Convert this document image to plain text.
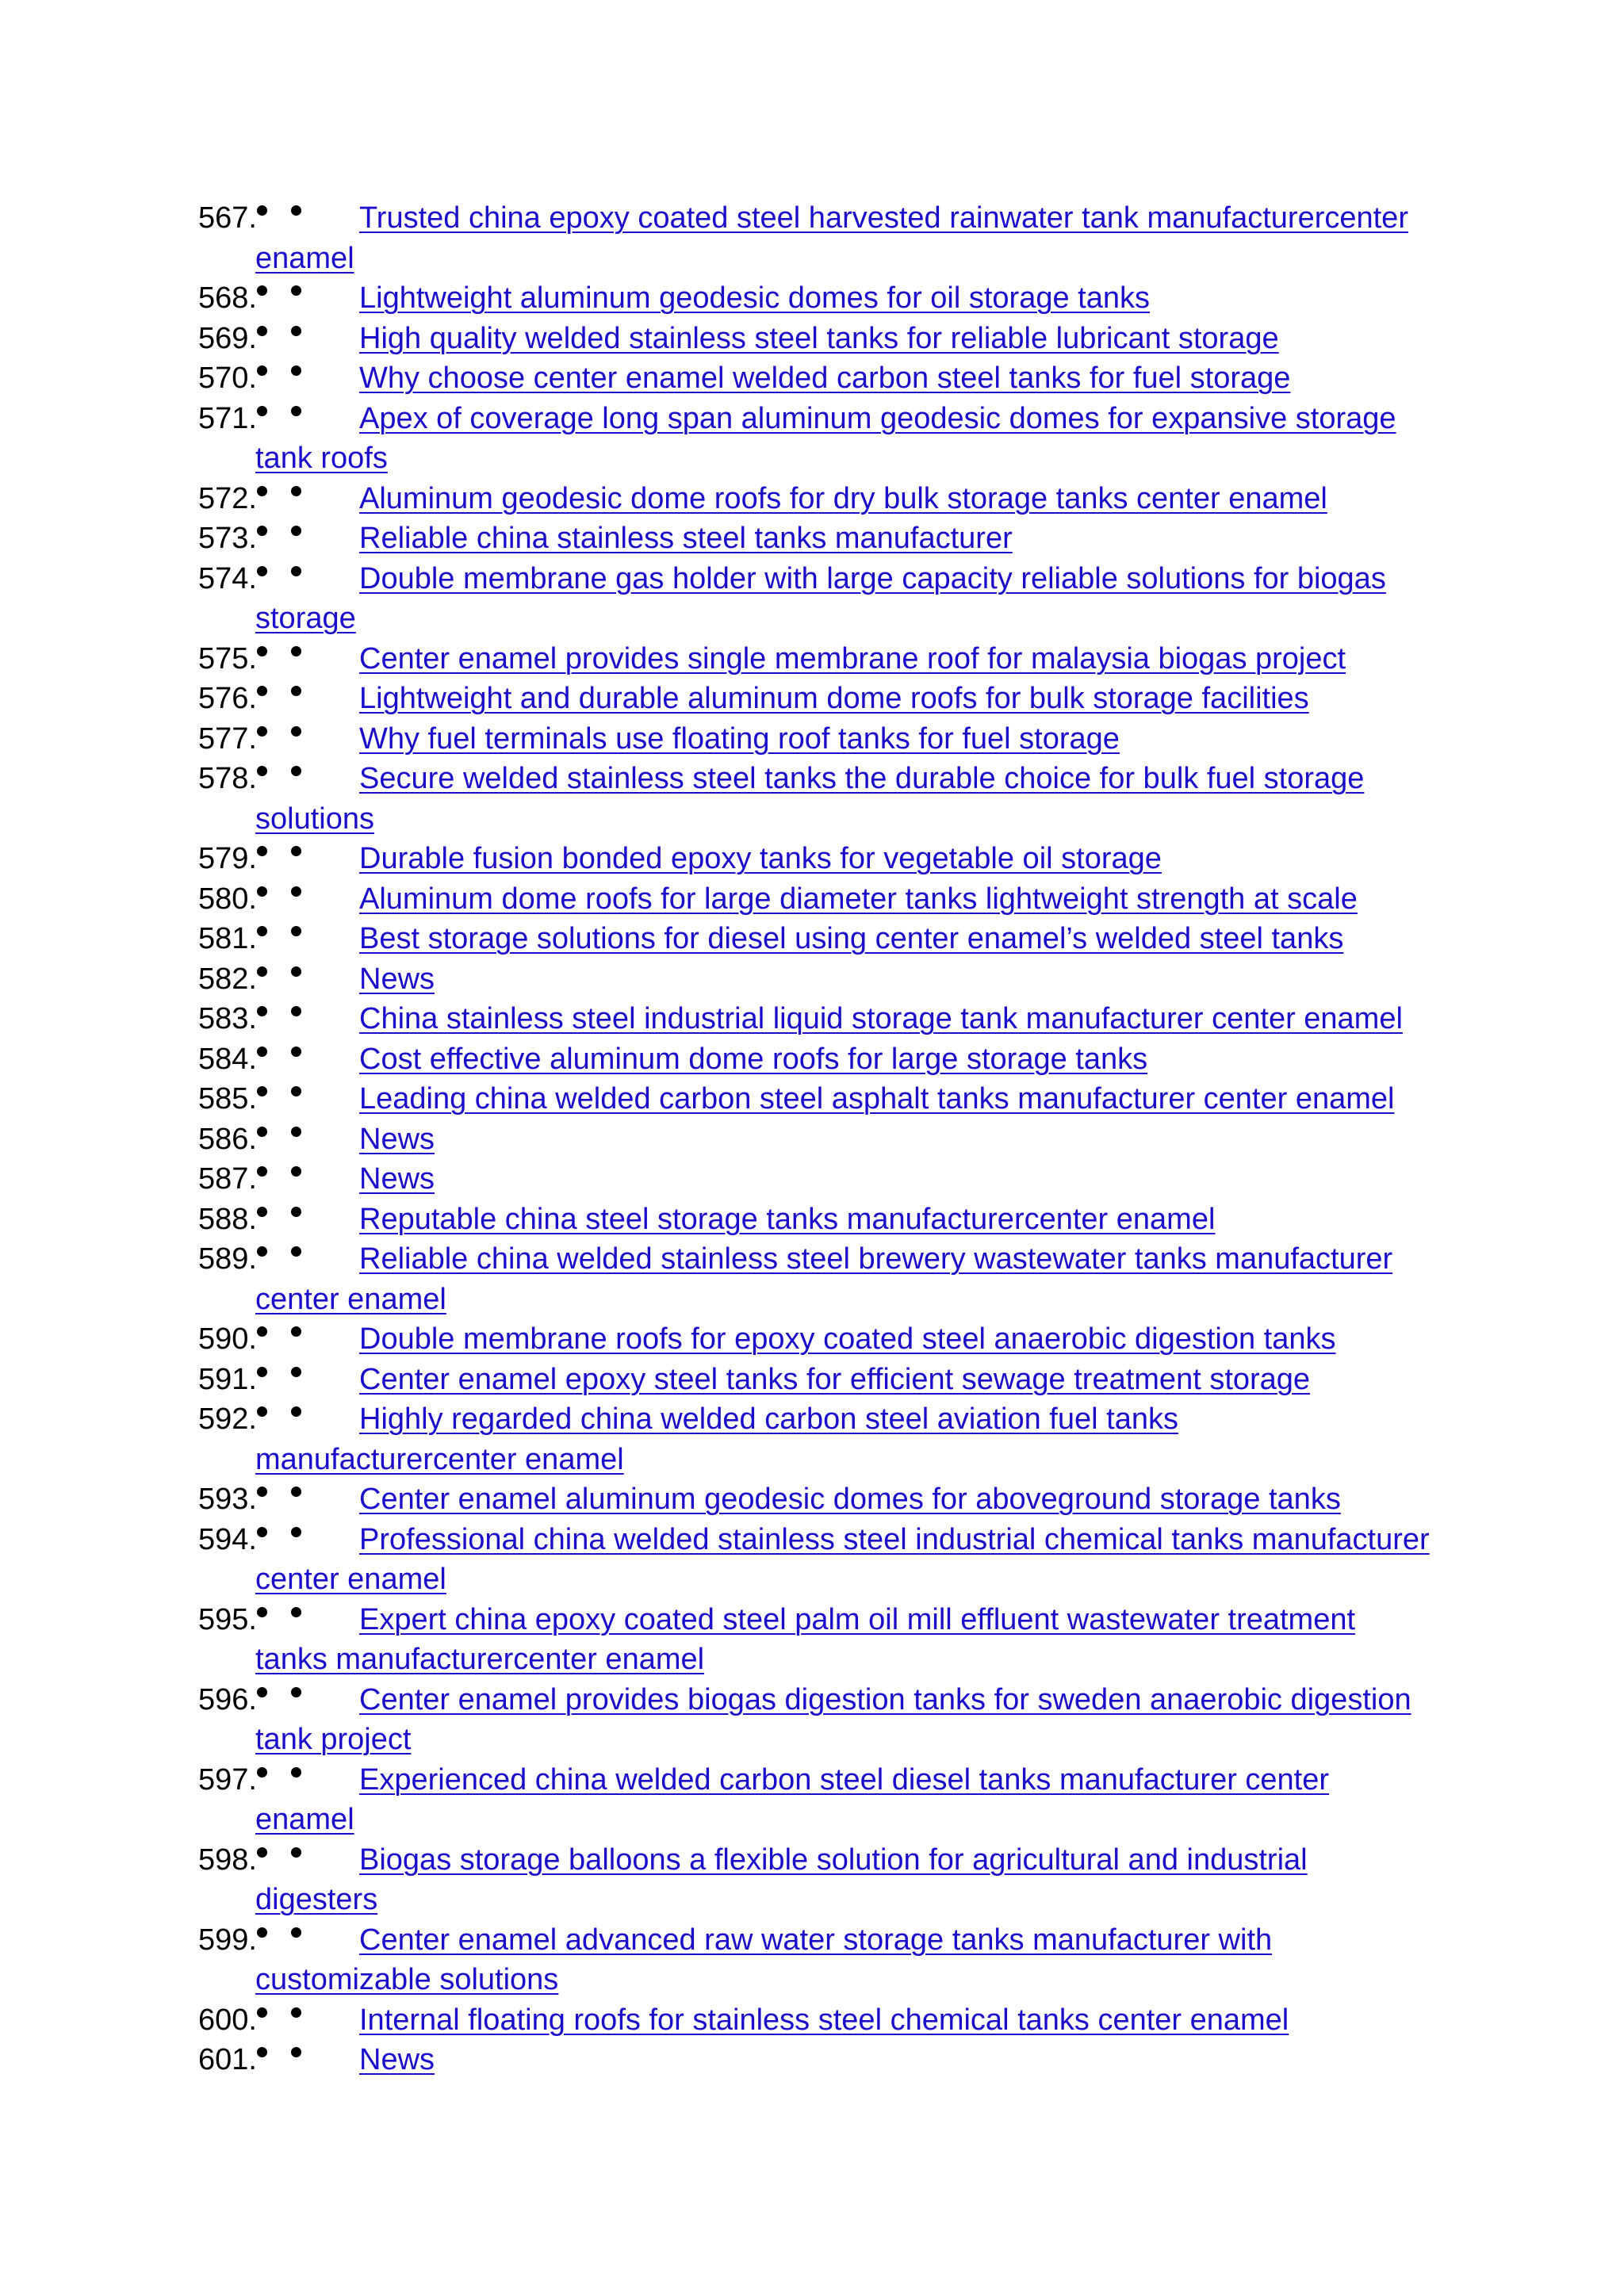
567.	Trusted china epoxy coated steel harvested rainwater tank manufacturercenter enamel
568.	Lightweight aluminum geodesic domes for oil storage tanks
569.	High quality welded stainless steel tanks for reliable lubricant storage
570.	Why choose center enamel welded carbon steel tanks for fuel storage
571.	Apex of coverage long span aluminum geodesic domes for expansive storage tank roofs
572.	Aluminum geodesic dome roofs for dry bulk storage tanks center enamel
573.	Reliable china stainless steel tanks manufacturer
574.	Double membrane gas holder with large capacity reliable solutions for biogas storage
575.	Center enamel provides single membrane roof for malaysia biogas project
576.	Lightweight and durable aluminum dome roofs for bulk storage facilities
577.	Why fuel terminals use floating roof tanks for fuel storage
578.	Secure welded stainless steel tanks the durable choice for bulk fuel storage solutions
579.	Durable fusion bonded epoxy tanks for vegetable oil storage
580.	Aluminum dome roofs for large diameter tanks lightweight strength at scale
581.	Best storage solutions for diesel using center enamel’s welded steel tanks
582.	News
583.	China stainless steel industrial liquid storage tank manufacturer center enamel
584.	Cost effective aluminum dome roofs for large storage tanks
585.	Leading china welded carbon steel asphalt tanks manufacturer center enamel
586.	News
587.	News
588.	Reputable china steel storage tanks manufacturercenter enamel
589.	Reliable china welded stainless steel brewery wastewater tanks manufacturer center enamel
590.	Double membrane roofs for epoxy coated steel anaerobic digestion tanks
591.	Center enamel epoxy steel tanks for efficient sewage treatment storage
592.	Highly regarded china welded carbon steel aviation fuel tanks manufacturercenter enamel
593.	Center enamel aluminum geodesic domes for aboveground storage tanks
594.	Professional china welded stainless steel industrial chemical tanks manufacturer center enamel
595.	Expert china epoxy coated steel palm oil mill effluent wastewater treatment tanks manufacturercenter enamel
596.	Center enamel provides biogas digestion tanks for sweden anaerobic digestion tank project
597.	Experienced china welded carbon steel diesel tanks manufacturer center enamel
598.	Biogas storage balloons a flexible solution for agricultural and industrial digesters
599.	Center enamel advanced raw water storage tanks manufacturer with customizable solutions
600.	Internal floating roofs for stainless steel chemical tanks center enamel
601.	News
